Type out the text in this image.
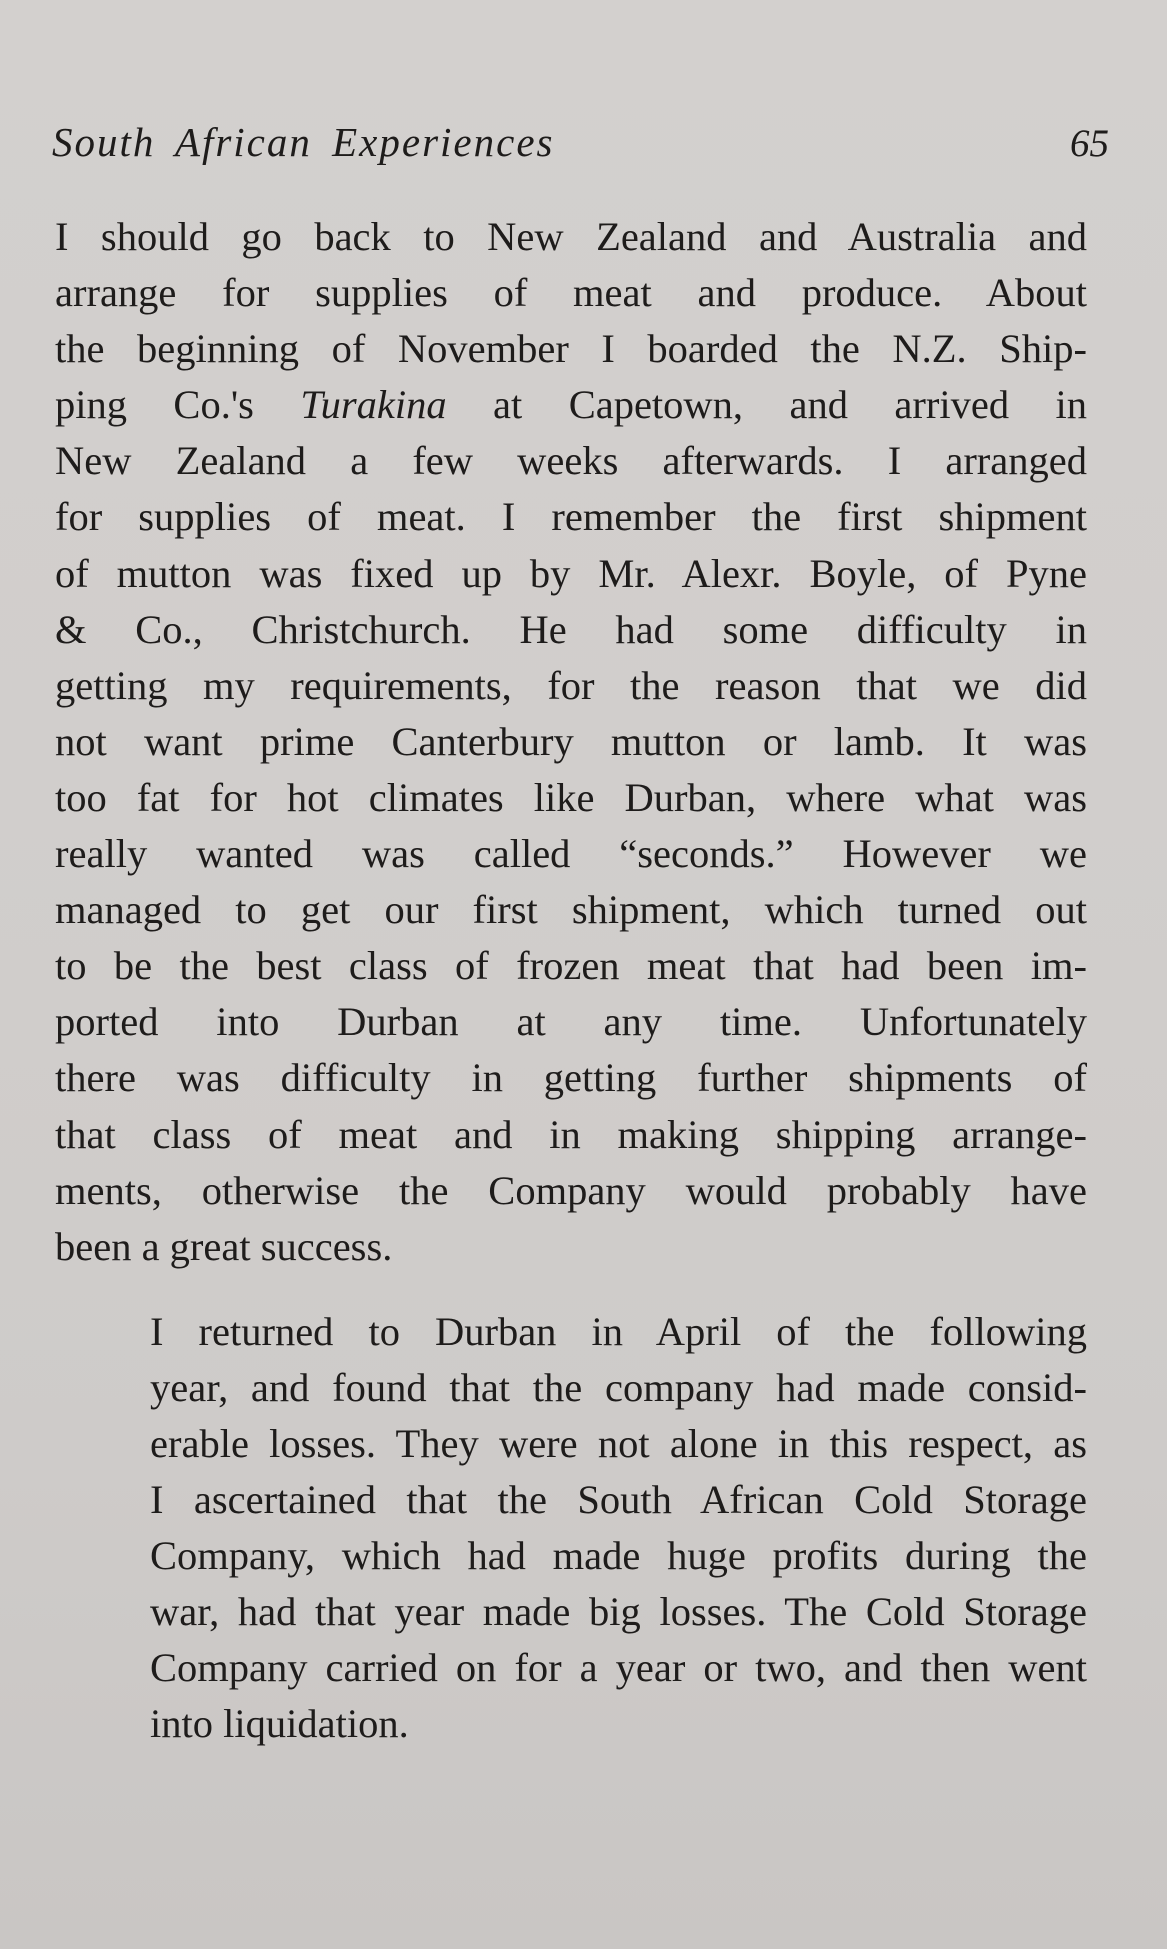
South African Experiences	65

I should go back to New Zealand and Australia and
arrange for supplies of meat and produce. About
the beginning of November I boarded the N.Z. Ship-
ping Co.'s Turakina at Capetown, and arrived in
New Zealand a few weeks afterwards. I arranged
for supplies of meat. I remember the first shipment
of mutton was fixed up by Mr. Alexr. Boyle, of Pyne
& Co., Christchurch. He had some difficulty in
getting my requirements, for the reason that we did
not want prime Canterbury mutton or lamb. It was
too fat for hot climates like Durban, where what was
really wanted was called “seconds.” However we
managed to get our first shipment, which turned out
to be the best class of frozen meat that had been im-
ported into Durban at any time. Unfortunately
there was difficulty in getting further shipments of
that class of meat and in making shipping arrange-
ments, otherwise the Company would probably have
been a great success.

I returned to Durban in April of the following
year, and found that the company had made consid-
erable losses. They were not alone in this respect, as
I ascertained that the South African Cold Storage
Company, which had made huge profits during the
war, had that year made big losses. The Cold Storage
Company carried on for a year or two, and then went
into liquidation.
